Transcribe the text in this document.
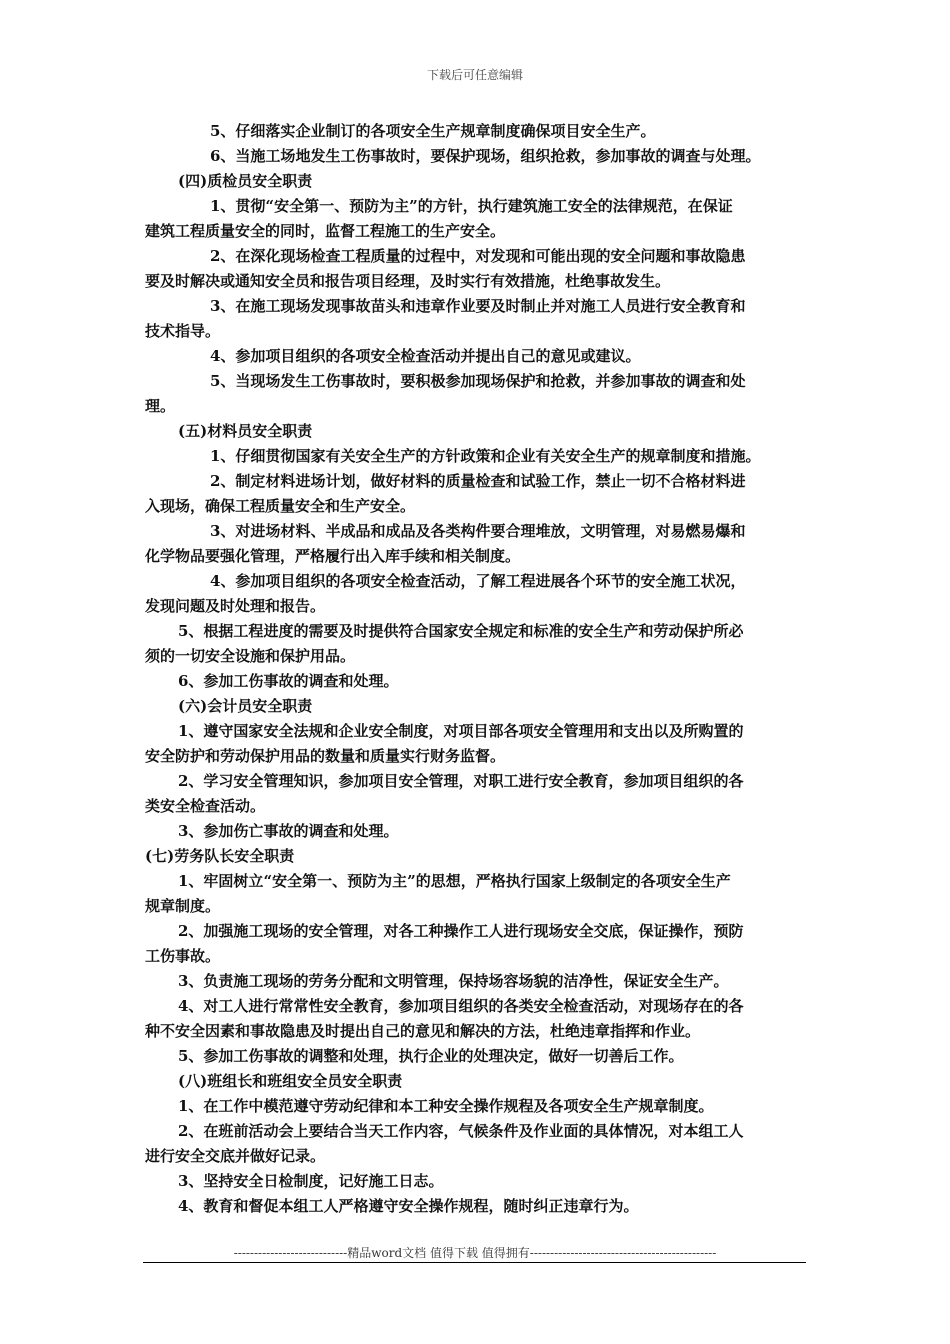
下载后可任意编辑
5、仔细落实企业制订的各项安全生产规章制度确保项目安全生产。
6、当施工场地发生工伤事故时，要保护现场，组织抢救，参加事故的调查与处理。
(四)质检员安全职责
1、贯彻“安全第一、预防为主”的方针，执行建筑施工安全的法律规范，在保证
建筑工程质量安全的同时，监督工程施工的生产安全。
2、在深化现场检查工程质量的过程中，对发现和可能出现的安全问题和事故隐患
要及时解决或通知安全员和报告项目经理，及时实行有效措施，杜绝事故发生。
3、在施工现场发现事故苗头和违章作业要及时制止并对施工人员进行安全教育和
技术指导。
4、参加项目组织的各项安全检查活动并提出自己的意见或建议。
5、当现场发生工伤事故时，要积极参加现场保护和抢救，并参加事故的调查和处
理。
(五)材料员安全职责
1、仔细贯彻国家有关安全生产的方针政策和企业有关安全生产的规章制度和措施。
2、制定材料进场计划，做好材料的质量检查和试验工作，禁止一切不合格材料进
入现场，确保工程质量安全和生产安全。
3、对进场材料、半成品和成品及各类构件要合理堆放，文明管理，对易燃易爆和
化学物品要强化管理，严格履行出入库手续和相关制度。
4、参加项目组织的各项安全检查活动，了解工程进展各个环节的安全施工状况，
发现问题及时处理和报告。
5、根据工程进度的需要及时提供符合国家安全规定和标准的安全生产和劳动保护所必
须的一切安全设施和保护用品。
6、参加工伤事故的调查和处理。
(六)会计员安全职责
1、遵守国家安全法规和企业安全制度，对项目部各项安全管理用和支出以及所购置的
安全防护和劳动保护用品的数量和质量实行财务监督。
2、学习安全管理知识，参加项目安全管理，对职工进行安全教育，参加项目组织的各
类安全检查活动。
3、参加伤亡事故的调查和处理。
(七)劳务队长安全职责
1、牢固树立“安全第一、预防为主”的思想，严格执行国家上级制定的各项安全生产
规章制度。
2、加强施工现场的安全管理，对各工种操作工人进行现场安全交底，保证操作，预防
工伤事故。
3、负责施工现场的劳务分配和文明管理，保持场容场貌的洁净性，保证安全生产。
4、对工人进行常常性安全教育，参加项目组织的各类安全检查活动，对现场存在的各
种不安全因素和事故隐患及时提出自己的意见和解决的方法，杜绝违章指挥和作业。
5、参加工伤事故的调整和处理，执行企业的处理决定，做好一切善后工作。
(八)班组长和班组安全员安全职责
1、在工作中模范遵守劳动纪律和本工种安全操作规程及各项安全生产规章制度。
2、在班前活动会上要结合当天工作内容，气候条件及作业面的具体情况，对本组工人
进行安全交底并做好记录。
3、坚持安全日检制度，记好施工日志。
4、教育和督促本组工人严格遵守安全操作规程，随时纠正违章行为。
----------------------------精品word文档 值得下载 值得拥有----------------------------------------------
